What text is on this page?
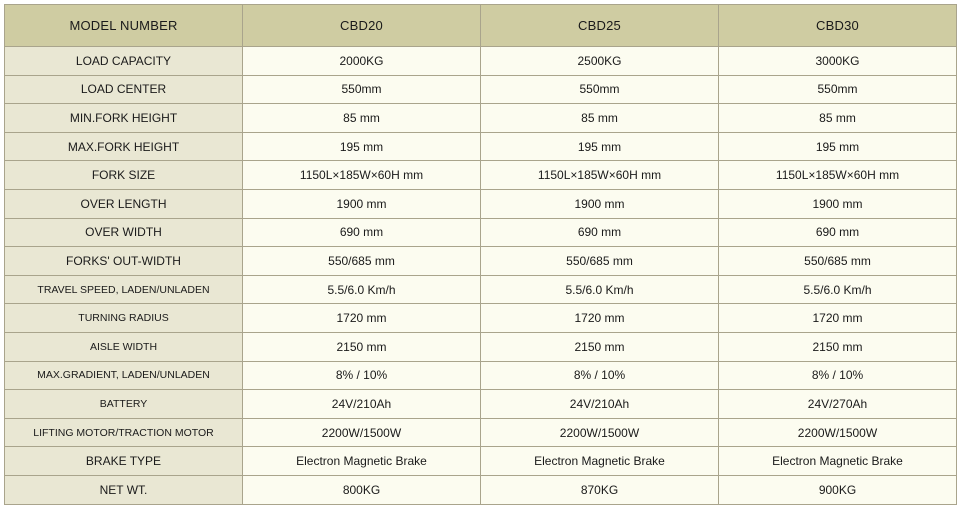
MODEL NUMBER	CBD20	CBD25	CBD30
LOAD CAPACITY	2000KG	2500KG	3000KG
LOAD CENTER	550mm	550mm	550mm
MIN.FORK HEIGHT	85 mm	85 mm	85 mm
MAX.FORK HEIGHT	195 mm	195 mm	195 mm
FORK SIZE	1150L×185W×60H mm	1150L×185W×60H mm	1150L×185W×60H mm
OVER LENGTH	1900 mm	1900 mm	1900 mm
OVER WIDTH	690 mm	690 mm	690 mm
FORKS' OUT-WIDTH	550/685 mm	550/685 mm	550/685 mm
TRAVEL SPEED, LADEN/UNLADEN	5.5/6.0 Km/h	5.5/6.0 Km/h	5.5/6.0 Km/h
TURNING RADIUS	1720 mm	1720 mm	1720 mm
AISLE WIDTH	2150 mm	2150 mm	2150 mm
MAX.GRADIENT, LADEN/UNLADEN	8% / 10%	8% / 10%	8% / 10%
BATTERY	24V/210Ah	24V/210Ah	24V/270Ah
LIFTING MOTOR/TRACTION MOTOR	2200W/1500W	2200W/1500W	2200W/1500W
BRAKE TYPE	Electron Magnetic Brake	Electron Magnetic Brake	Electron Magnetic Brake
NET WT.	800KG	870KG	900KG
